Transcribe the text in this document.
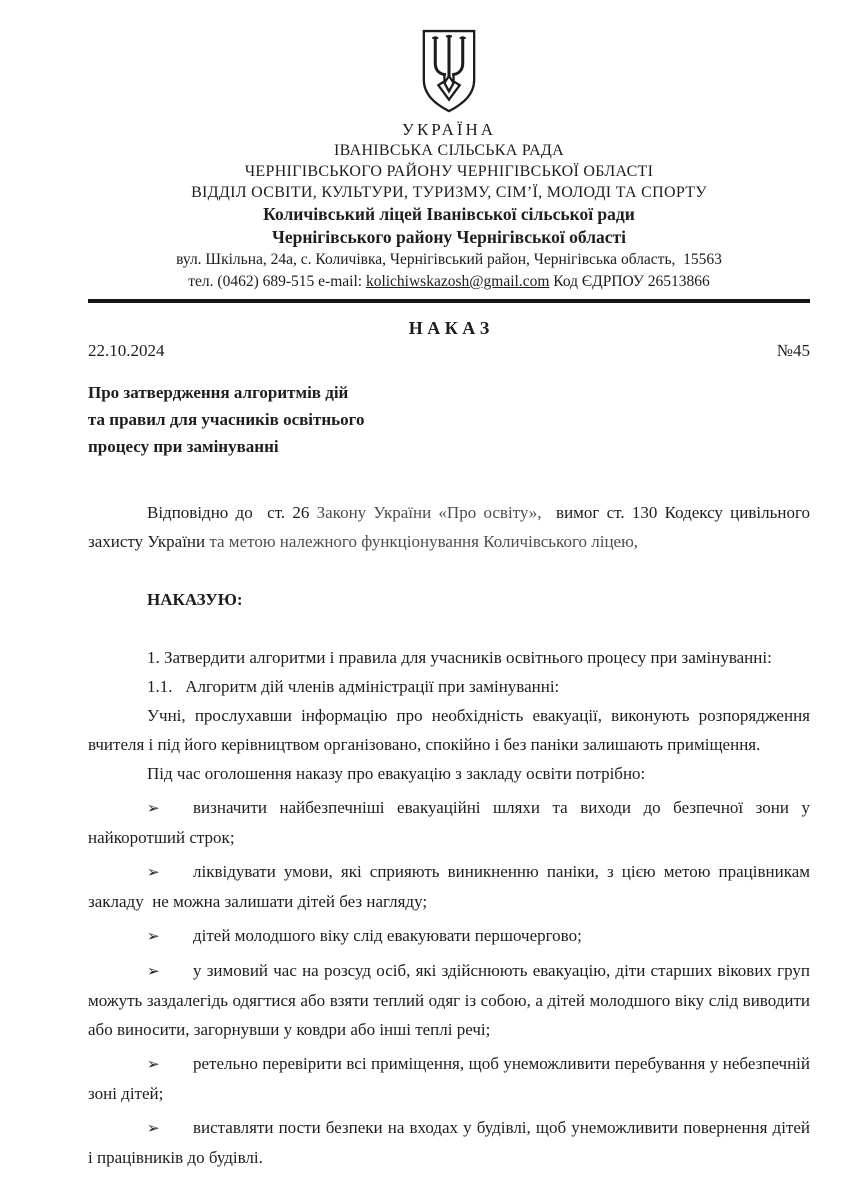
УКРАЇНА
ІВАНІВСЬКА СІЛЬСЬКА РАДА
ЧЕРНІГІВСЬКОГО РАЙОНУ ЧЕРНІГІВСЬКОЇ ОБЛАСТІ
ВІДДІЛ ОСВІТИ, КУЛЬТУРИ, ТУРИЗМУ, СІМ’Ї, МОЛОДІ ТА СПОРТУ
Количівський ліцей Іванівської сільської ради
Чернігівського району Чернігівської області
вул. Шкільна, 24а, с. Количівка, Чернігівський район, Чернігівська область,  15563
тел. (0462) 689-515 e-mail: kolichiwskazosh@gmail.com Код ЄДРПОУ 26513866
Н А К А З
22.10.2024	№45
Про затвердження алгоритмів дій
та правил для учасників освітнього
процесу при замінуванні

Відповідно до  ст. 26 Закону України «Про освіту»,  вимог ст. 130 Кодексу цивільного захисту України та метою належного функціонування Количівського ліцею,

НАКАЗУЮ:

1. Затвердити алгоритми і правила для учасників освітнього процесу при замінуванні:

1.1.   Алгоритм дій членів адміністрації при замінуванні:

Учні, прослухавши інформацію про необхідність евакуації, виконують розпорядження вчителя і під його керівництвом організовано, спокійно і без паніки залишають приміщення.

Під час оголошення наказу про евакуацію з закладу освіти потрібно:

➢ визначити найбезпечніші евакуаційні шляхи та виходи до безпечної зони у найкоротший строк;

➢ ліквідувати умови, які сприяють виникненню паніки, з цією метою працівникам закладу  не можна залишати дітей без нагляду;

➢ дітей молодшого віку слід евакуювати першочергово;

➢ у зимовий час на розсуд осіб, які здійснюють евакуацію, діти старших вікових груп можуть заздалегідь одягтися або взяти теплий одяг із собою, а дітей молодшого віку слід виводити або виносити, загорнувши у ковдри або інші теплі речі;

➢ ретельно перевірити всі приміщення, щоб унеможливити перебування у небезпечній зоні дітей;

➢ виставляти пости безпеки на входах у будівлі, щоб унеможливити повернення дітей і працівників до будівлі.
